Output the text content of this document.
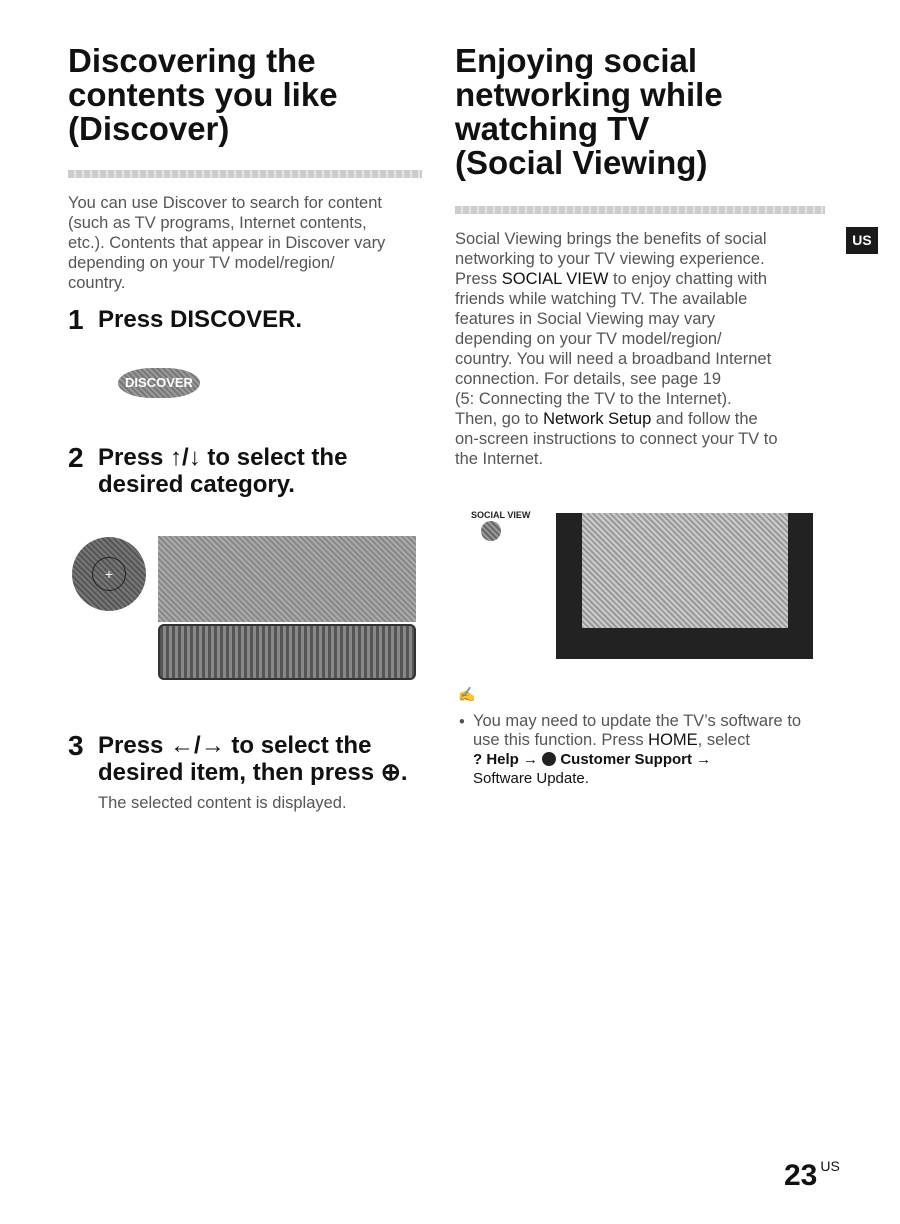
Discovering the
contents you like
(Discover)
You can use Discover to search for content
(such as TV programs, Internet contents,
etc.). Contents that appear in Discover vary
depending on your TV model/region/
country.
1 Press DISCOVER.
DISCOVER
2 Press ↑/↓ to select the
desired category.
+
3 Press ←/→ to select the
desired item, then press ⊕.
The selected content is displayed.
Enjoying social
networking while
watching TV
(Social Viewing)
US
Social Viewing brings the benefits of social
networking to your TV viewing experience.
Press SOCIAL VIEW to enjoy chatting with
friends while watching TV. The available
features in Social Viewing may vary
depending on your TV model/region/
country. You will need a broadband Internet
connection. For details, see page 19
(5: Connecting the TV to the Internet).
Then, go to Network Setup and follow the
on-screen instructions to connect your TV to
the Internet.
SOCIAL VIEW
✍
• You may need to update the TV’s software to
use this function. Press HOME, select
? Help →  Customer Support →
Software Update.
23 US
